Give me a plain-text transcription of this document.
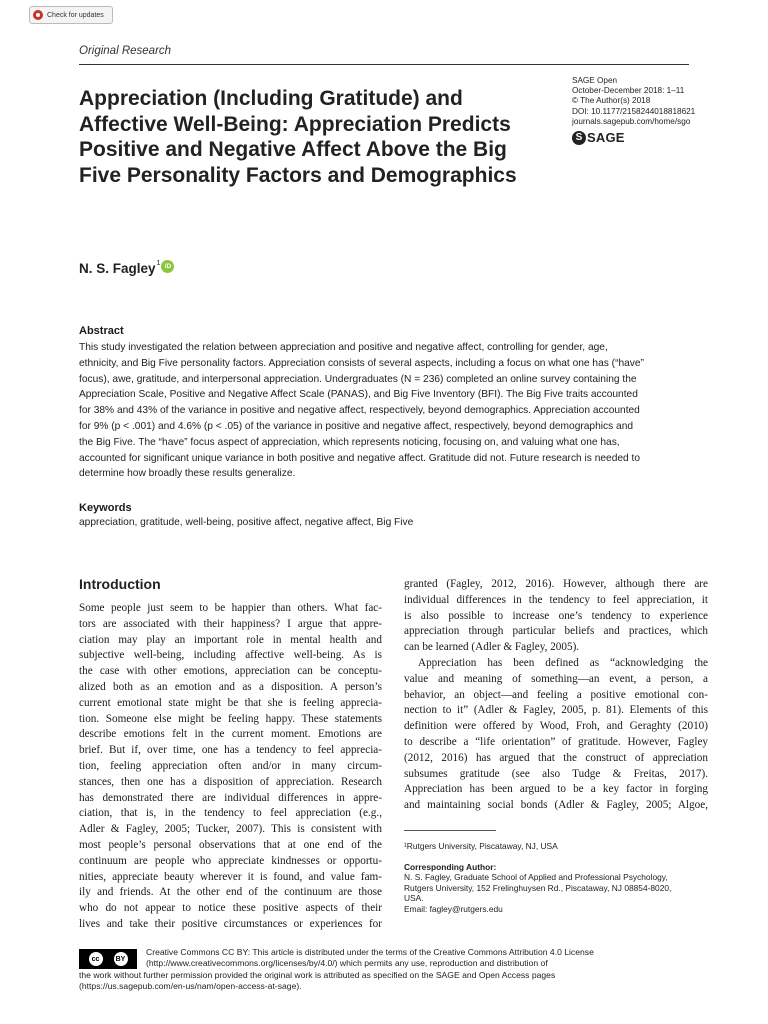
Check for updates
Original Research
Appreciation (Including Gratitude) and Affective Well-Being: Appreciation Predicts Positive and Negative Affect Above the Big Five Personality Factors and Demographics
SAGE Open
October-December 2018: 1–11
© The Author(s) 2018
DOI: 10.1177/2158244018818621
journals.sagepub.com/home/sgo
S SAGE
N. S. Fagley$^1$ iD
Abstract
This study investigated the relation between appreciation and positive and negative affect, controlling for gender, age,
ethnicity, and Big Five personality factors. Appreciation consists of several aspects, including a focus on what one has (“have”
focus), awe, gratitude, and interpersonal appreciation. Undergraduates (N = 236) completed an online survey containing the
Appreciation Scale, Positive and Negative Affect Scale (PANAS), and Big Five Inventory (BFI). The Big Five traits accounted
for 38% and 43% of the variance in positive and negative affect, respectively, beyond demographics. Appreciation accounted
for 9% (p < .001) and 4.6% (p < .05) of the variance in positive and negative affect, respectively, beyond demographics and
the Big Five. The “have” focus aspect of appreciation, which represents noticing, focusing on, and valuing what one has,
accounted for significant unique variance in both positive and negative affect. Gratitude did not. Future research is needed to
determine how broadly these results generalize.
Keywords
appreciation, gratitude, well-being, positive affect, negative affect, Big Five
Introduction
Some people just seem to be happier than others. What fac-
tors are associated with their happiness? I argue that appre-
ciation may play an important role in mental health and
subjective well-being, including affective well-being. As is
the case with other emotions, appreciation can be conceptu-
alized both as an emotion and as a disposition. A person’s
current emotional state might be that she is feeling apprecia-
tion. Someone else might be feeling happy. These statements
describe emotions felt in the current moment. Emotions are
brief. But if, over time, one has a tendency to feel apprecia-
tion, feeling appreciation often and/or in many circum-
stances, then one has a disposition of appreciation. Research
has demonstrated there are individual differences in appre-
ciation, that is, in the tendency to feel appreciation (e.g.,
Adler & Fagley, 2005; Tucker, 2007). This is consistent with
most people’s personal observations that at one end of the
continuum are people who appreciate kindnesses or opportu-
nities, appreciate beauty wherever it is found, and value fam-
ily and friends. At the other end of the continuum are those
who do not appear to notice these positive aspects of their
lives and take their positive circumstances or experiences for
granted (Fagley, 2012, 2016). However, although there are
individual differences in the tendency to feel appreciation, it
is also possible to increase one’s tendency to experience
appreciation through particular beliefs and practices, which
can be learned (Adler & Fagley, 2005).
Appreciation has been defined as “acknowledging the
value and meaning of something—an event, a person, a
behavior, an object—and feeling a positive emotional con-
nection to it” (Adler & Fagley, 2005, p. 81). Elements of this
definition were offered by Wood, Froh, and Geraghty (2010)
to describe a “life orientation” of gratitude. However, Fagley
(2012, 2016) has argued that the construct of appreciation
subsumes gratitude (see also Tudge & Freitas, 2017).
Appreciation has been argued to be a key factor in forging
and maintaining social bonds (Adler & Fagley, 2005; Algoe,
¹Rutgers University, Piscataway, NJ, USA
Corresponding Author:
N. S. Fagley, Graduate School of Applied and Professional Psychology,
Rutgers University, 152 Frelinghuysen Rd., Piscataway, NJ 08854-8020,
USA.
Email: fagley@rutgers.edu
cc	BY
Creative Commons CC BY: This article is distributed under the terms of the Creative Commons Attribution 4.0 License
(http://www.creativecommons.org/licenses/by/4.0/) which permits any use, reproduction and distribution of
the work without further permission provided the original work is attributed as specified on the SAGE and Open Access pages
(https://us.sagepub.com/en-us/nam/open-access-at-sage).
